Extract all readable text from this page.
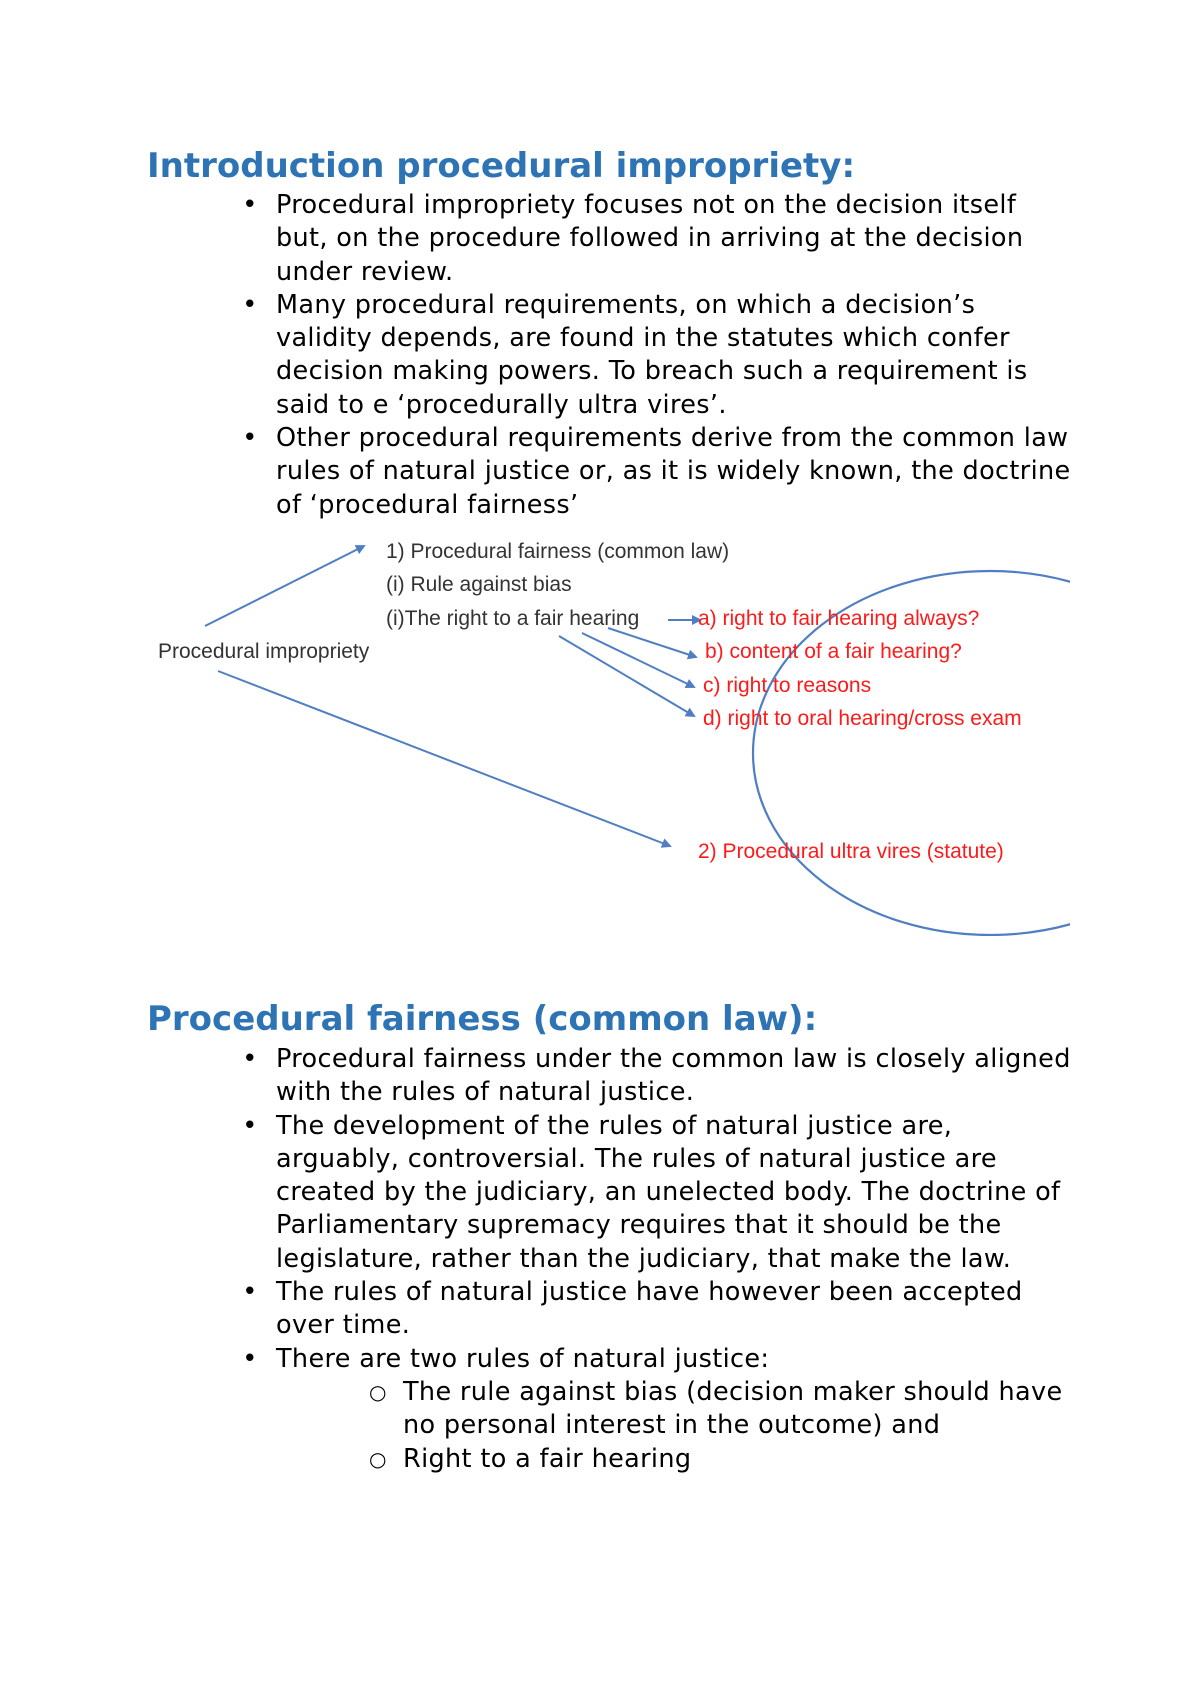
Introduction procedural impropriety:
• Procedural impropriety focuses not on the decision itself but, on the procedure followed in arriving at the decision under review.
• Many procedural requirements, on which a decision’s validity depends, are found in the statutes which confer decision making powers. To breach such a requirement is said to e ‘procedurally ultra vires’.
• Other procedural requirements derive from the common law rules of natural justice or, as it is widely known, the doctrine of ‘procedural fairness’
Procedural impropriety
1) Procedural fairness (common law)
(i) Rule against bias
(i)The right to a fair hearing	a) right to fair hearing always?
b) content of a fair hearing?
c) right to reasons
d) right to oral hearing/cross exam
2) Procedural ultra vires (statute)
Procedural fairness (common law):
• Procedural fairness under the common law is closely aligned with the rules of natural justice.
• The development of the rules of natural justice are, arguably, controversial. The rules of natural justice are created by the judiciary, an unelected body. The doctrine of Parliamentary supremacy requires that it should be the legislature, rather than the judiciary, that make the law.
• The rules of natural justice have however been accepted over time.
• There are two rules of natural justice:
○ The rule against bias (decision maker should have no personal interest in the outcome) and
○ Right to a fair hearing
